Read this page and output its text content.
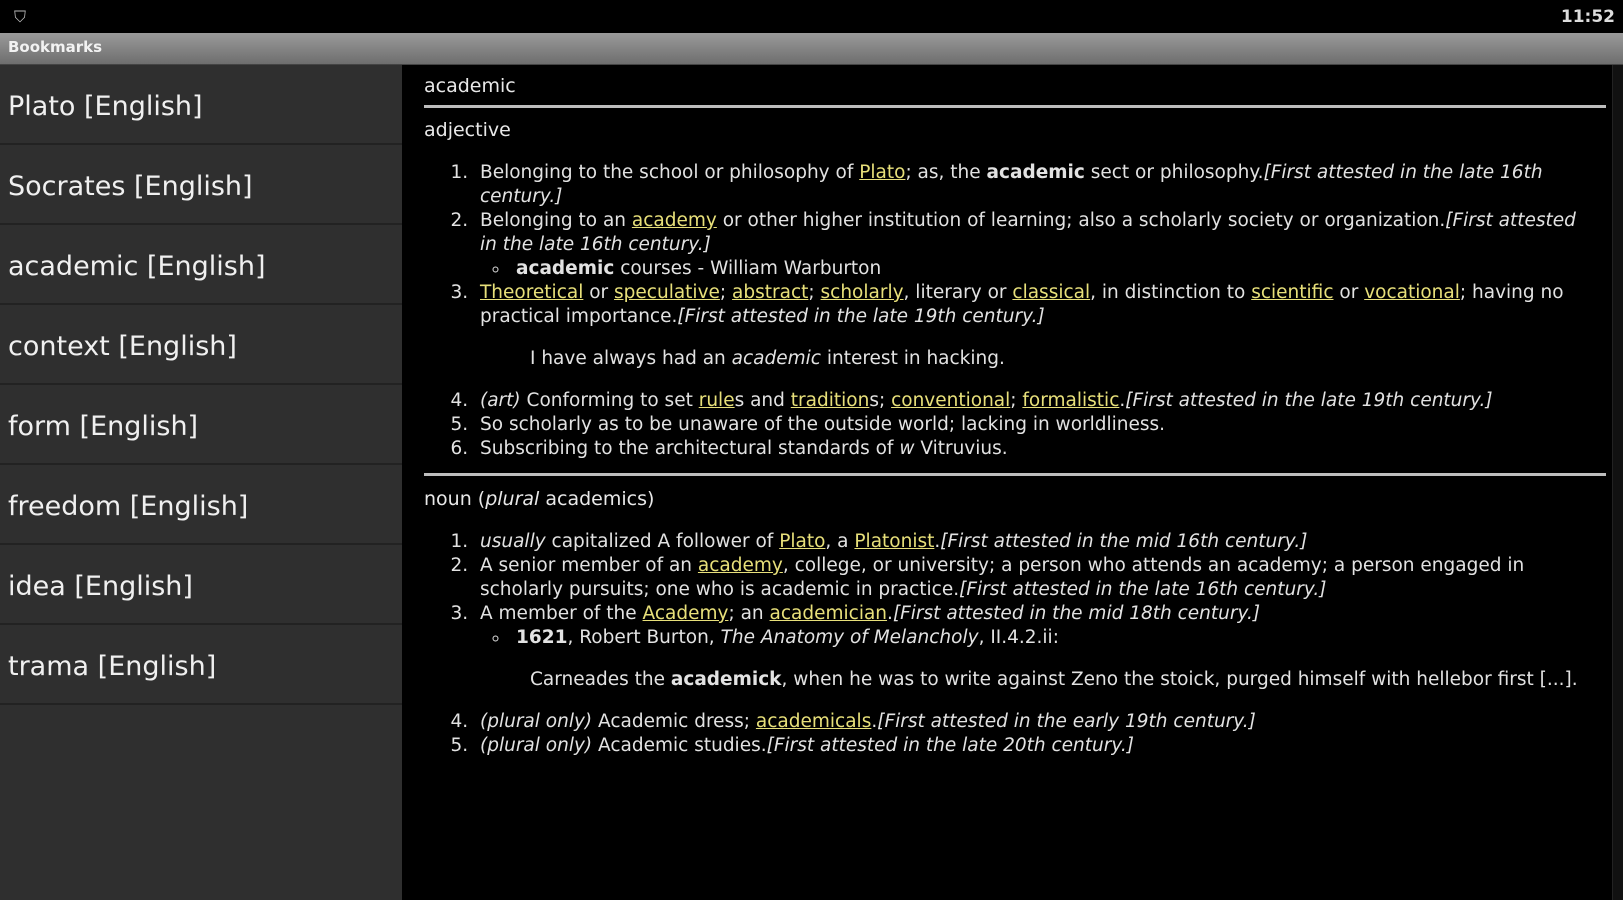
⛉	11:52
Bookmarks
Plato [English]
Socrates [English]
academic [English]
context [English]
form [English]
freedom [English]
idea [English]
trama [English]
academic
adjective
1. Belonging to the school or philosophy of Plato; as, the academic sect or philosophy.[First attested in the late 16th century.]
2. Belonging to an academy or other higher institution of learning; also a scholarly society or organization.[First attested in the late 16th century.]
◦ academic courses - William Warburton
3. Theoretical or speculative; abstract; scholarly, literary or classical, in distinction to scientific or vocational; having no practical importance.[First attested in the late 19th century.]
I have always had an academic interest in hacking.
4. (art) Conforming to set rules and traditions; conventional; formalistic.[First attested in the late 19th century.]
5. So scholarly as to be unaware of the outside world; lacking in worldliness.
6. Subscribing to the architectural standards of w Vitruvius.
noun (plural academics)
1. usually capitalized A follower of Plato, a Platonist.[First attested in the mid 16th century.]
2. A senior member of an academy, college, or university; a person who attends an academy; a person engaged in scholarly pursuits; one who is academic in practice.[First attested in the late 16th century.]
3. A member of the Academy; an academician.[First attested in the mid 18th century.]
◦ 1621, Robert Burton, The Anatomy of Melancholy, II.4.2.ii:
Carneades the academick, when he was to write against Zeno the stoick, purged himself with hellebor first [...].
4. (plural only) Academic dress; academicals.[First attested in the early 19th century.]
5. (plural only) Academic studies.[First attested in the late 20th century.]
